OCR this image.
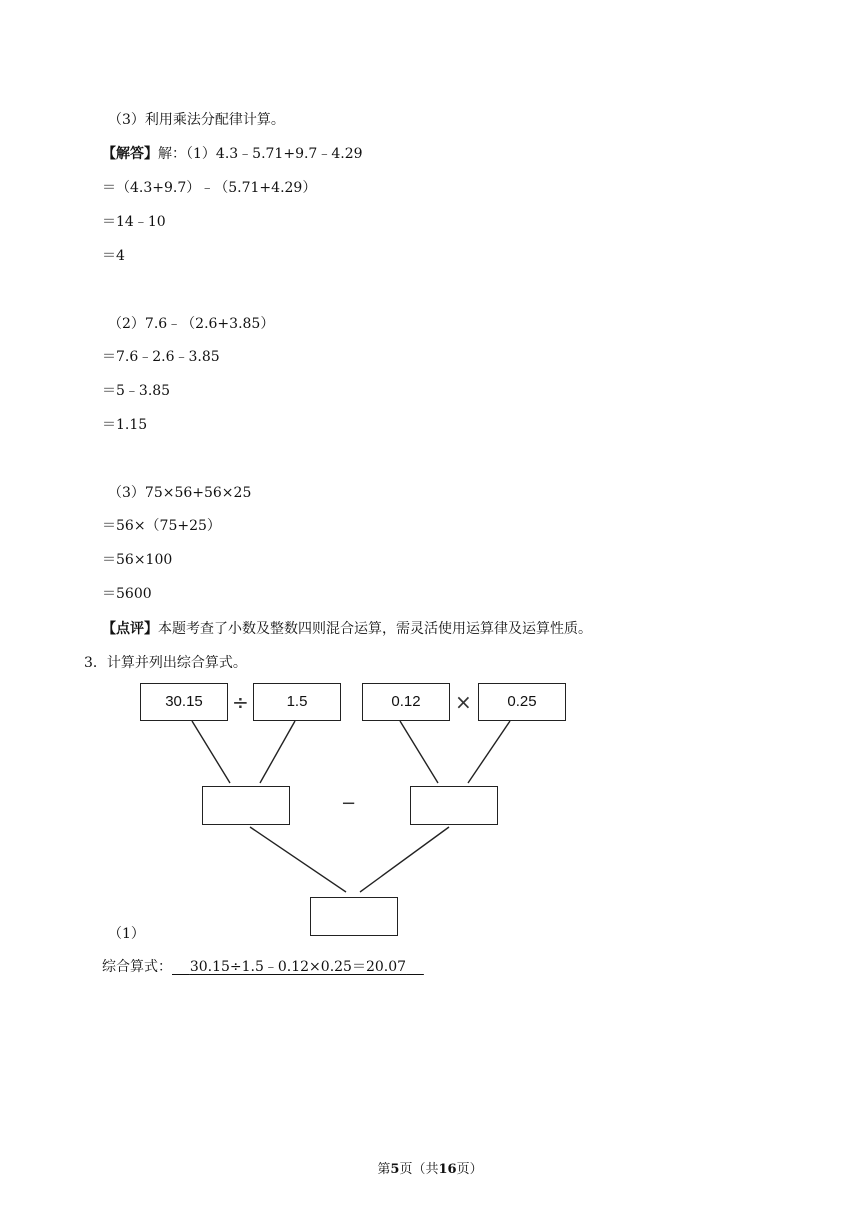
（3）利用乘法分配律计算。
【解答】解：（1）4.3﹣5.71+9.7﹣4.29
＝（4.3+9.7）﹣（5.71+4.29）
＝14﹣10
＝4
（2）7.6﹣（2.6+3.85）
＝7.6﹣2.6﹣3.85
＝5﹣3.85
＝1.15
（3）75×56+56×25
＝56×（75+25）
＝56×100
＝5600
【点评】本题考查了小数及整数四则混合运算，需灵活使用运算律及运算性质。
3．计算并列出综合算式。
30.15	÷	1.5	0.12	×	0.25
−
（1）
综合算式： 30.15÷1.5﹣0.12×0.25＝20.07
第5页（共16页）
